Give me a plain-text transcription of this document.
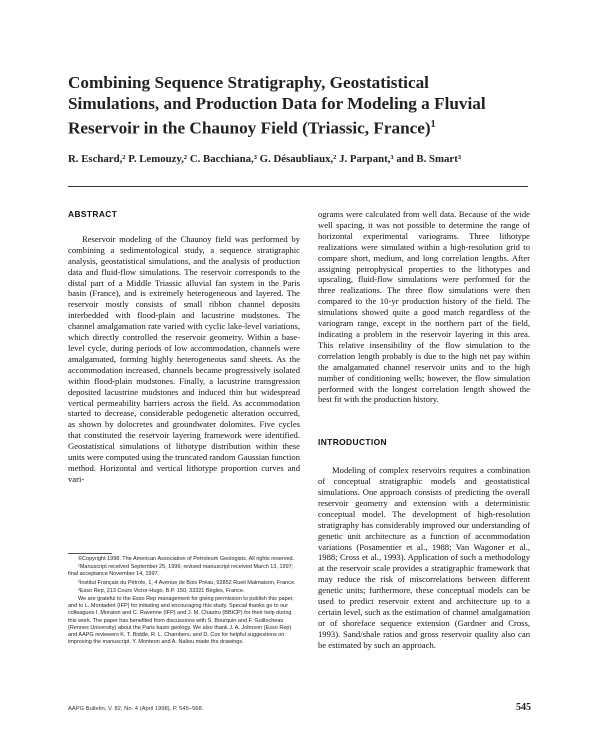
Combining Sequence Stratigraphy, Geostatistical
Simulations, and Production Data for Modeling a Fluvial
Reservoir in the Chaunoy Field (Triassic, France)$^1$
R. Eschard,² P. Lemouzy,² C. Bacchiana,³ G. Désaubliaux,² J. Parpant,³ and B. Smart³
ABSTRACT

Reservoir modeling of the Chaunoy field was performed by combining a sedimentological study, a sequence stratigraphic analysis, geostatistical simulations, and the analysis of production data and fluid-flow simulations. The reservoir corresponds to the distal part of a Middle Triassic alluvial fan system in the Paris basin (France), and is extremely heterogeneous and layered. The reservoir mostly consists of small ribbon channel deposits interbedded with flood-plain and lacustrine mudstones. The channel amalgamation rate varied with cyclic lake-level variations, which directly controlled the reservoir geometry. Within a base-level cycle, during periods of low accommodation, channels were amalgamated, forming highly heterogeneous sand sheets. As the accommodation increased, channels became progressively isolated within flood-plain mudstones. Finally, a lacustrine transgression deposited lacustrine mudstones and induced thin but widespread vertical permeability barriers across the field. As accommodation started to decrease, considerable pedogenetic alteration occurred, as shown by dolocretes and groundwater dolomites. Five cycles that constituted the reservoir layering framework were identified. Geostatistical simulations of lithotype distribution within these units were computed using the truncated random Gaussian function method. Horizontal and vertical lithotype proportion curves and vari-

ograms were calculated from well data. Because of the wide well spacing, it was not possible to determine the range of horizontal experimental variograms. Three lithotype realizations were simulated within a high-resolution grid to compare short, medium, and long correlation lengths. After assigning petrophysical properties to the lithotypes and upscaling, fluid-flow simulations were performed for the three realizations. The three flow simulations were then compared to the 10-yr production history of the field. The simulations showed quite a good match regardless of the variogram range, except in the northern part of the field, indicating a problem in the reservoir layering in this area. This relative insensibility of the flow simulation to the correlation length probably is due to the high net pay within the amalgamated channel reservoir units and to the high number of conditioning wells; however, the flow simulation performed with the longest correlation length showed the best fit with the production history.

INTRODUCTION

Modeling of complex reservoirs requires a combination of conceptual stratigraphic models and geostatistical simulations. One approach consists of predicting the overall reservoir geometry and extension with a deterministic conceptual model. The development of high-resolution stratigraphy has considerably improved our understanding of genetic unit architecture as a function of accommodation variations (Posamentier et al., 1988; Van Wagoner et al., 1988; Cross et al., 1993). Application of such a methodology at the reservoir scale provides a stratigraphic framework that may reduce the risk of miscorrelations between different genetic units; furthermore, these conceptual models can be used to predict reservoir extent and architecture up to a certain level, such as the estimation of channel amalgamation or of shoreface sequence extension (Gardner and Cross, 1993). Sand/shale ratios and gross reservoir quality also can be estimated by such an approach.

©Copyright 1998. The American Association of Petroleum Geologists. All rights reserved.

¹Manuscript received September 25, 1996; revised manuscript received March 13, 1997; final acceptance November 14, 1997.

²Institut Français du Pétrole, 1, 4 Avenue de Bois Préau, 92852 Rueil Malmaison, France.

³Esso Rep, 213 Cours Victor-Hugo, B.P. 150, 33321 Bègles, France.

We are grateful to the Esso Rep management for giving permission to publish this paper, and to L. Montadert (IFP) for initiating and encouraging this study. Special thanks go to our colleagues I. Moraton and C. Ravenne (IFP) and J. M. Chautru (BBICP) for their help during this work. The paper has benefited from discussions with S. Bourquin and F. Guillocheau (Rennes University) about the Paris basin geology. We also thank J. A. Johnson (Esso Rep) and AAPG reviewers K. T. Biddle, R. L. Chambers, and D. Cox for helpful suggestions on improving the manuscript. Y. Monteon and A. Naliou made the drawings.

AAPG Bulletin, V. 82, No. 4 (April 1998), P. 545–568.	545
